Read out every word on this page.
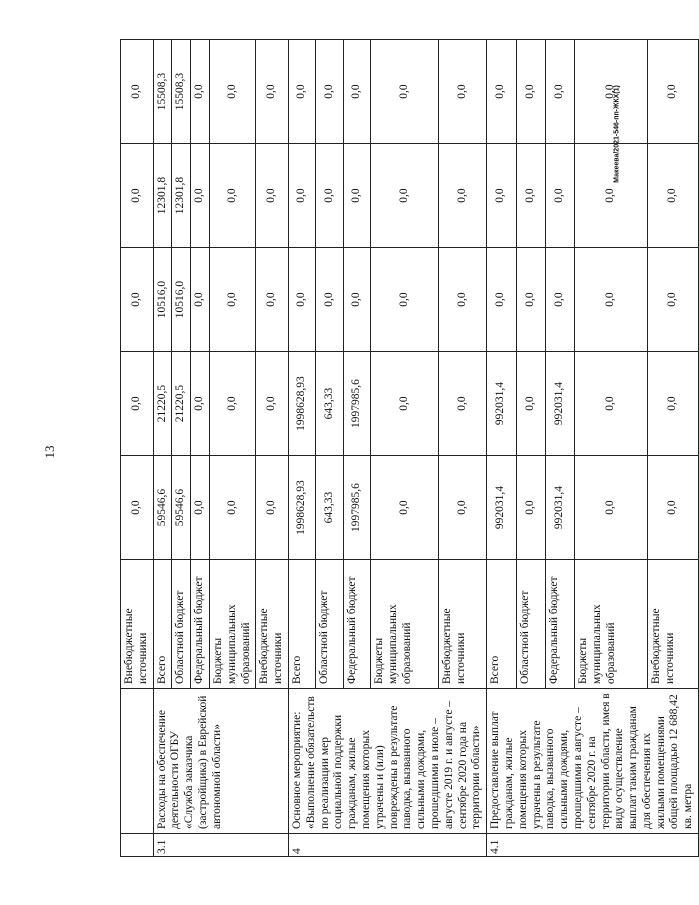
13
Макеева/2021-546-пп-ЖКХ(1)
		Внебюджетные источники	0,0	0,0	0,0	0,0	0,0
3.1	Расходы на обеспечение деятельности ОГБУ «Служба заказчика (застройщика) в Еврейской автономной области»	Всего	59546,6	21220,5	10516,0	12301,8	15508,3
		Областной бюджет	59546,6	21220,5	10516,0	12301,8	15508,3
		Федеральный бюджет	0,0	0,0	0,0	0,0	0,0
		Бюджеты муниципальных образований	0,0	0,0	0,0	0,0	0,0
		Внебюджетные источники	0,0	0,0	0,0	0,0	0,0
4	Основное мероприятие: «Выполнение обязательств по реализации мер социальной поддержки гражданам, жилые помещения которых утрачены и (или) повреждены в результате паводка, вызванного сильными дождями, прошедшими в июле – августе 2019 г. и августе – сентябре 2020 года на территории области»	Всего	1998628,93	1998628,93	0,0	0,0	0,0
		Областной бюджет	643,33	643,33	0,0	0,0	0,0
		Федеральный бюджет	1997985,6	1997985,6	0,0	0,0	0,0
		Бюджеты муниципальных образований	0,0	0,0	0,0	0,0	0,0
		Внебюджетные источники	0,0	0,0	0,0	0,0	0,0
4.1	Предоставление выплат гражданам, жилые помещения которых утрачены в результате паводка, вызванного сильными дождями, прошедшими в августе – сентябре 2020 г. на территории области, имея в виду осуществление выплат таким гражданам для обеспечения их жилыми помещениями общей площадью 12 688,42 кв. метра	Всего	992031,4	992031,4	0,0	0,0	0,0
		Областной бюджет	0,0	0,0	0,0	0,0	0,0
		Федеральный бюджет	992031,4	992031,4	0,0	0,0	0,0
		Бюджеты муниципальных образований	0,0	0,0	0,0	0,0	0,0
		Внебюджетные источники	0,0	0,0	0,0	0,0	0,0
